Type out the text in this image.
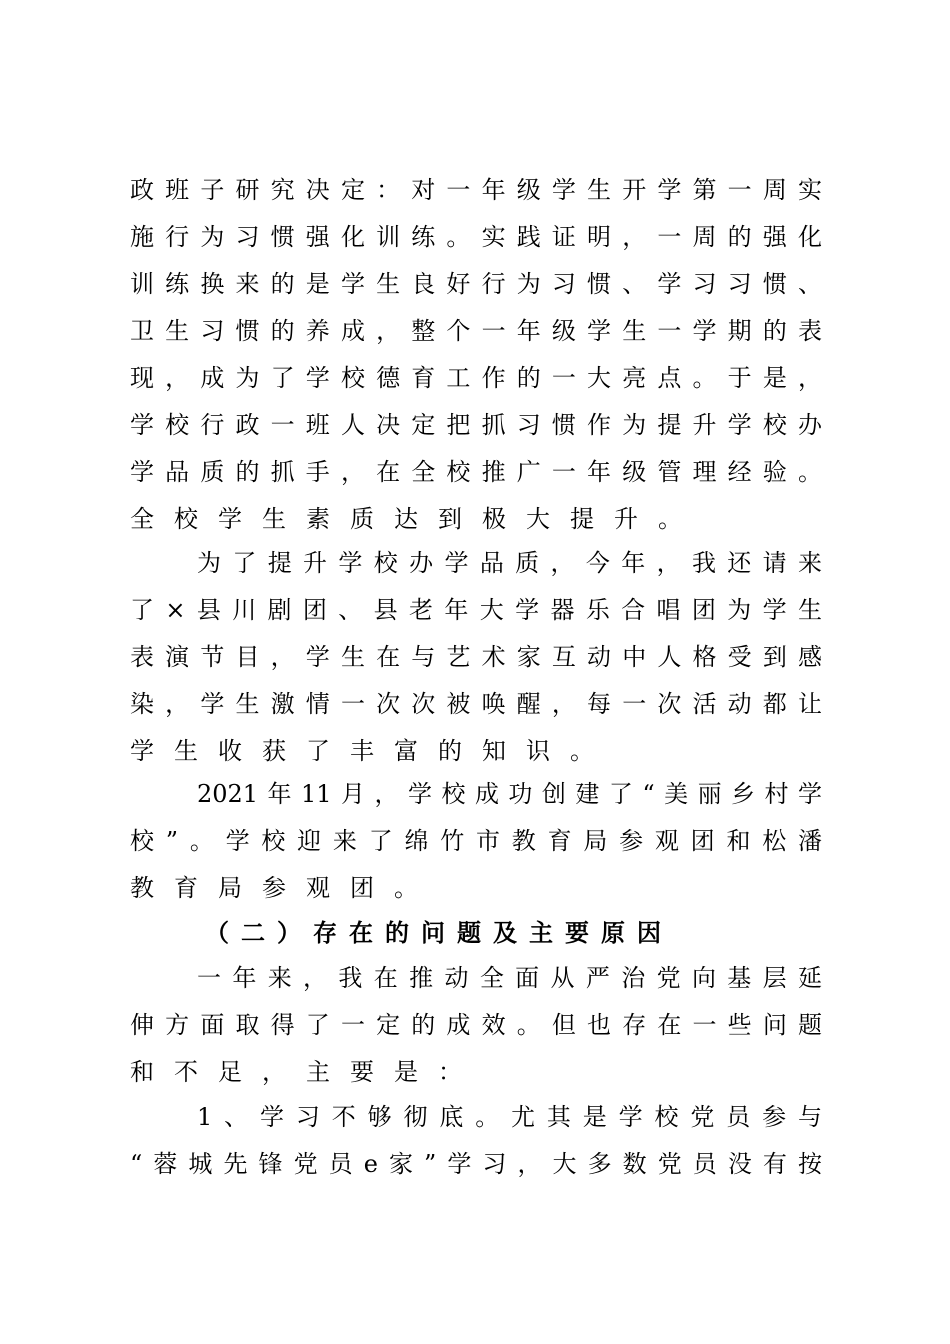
政班子研究决定：对一年级学生开学第一周实
施行为习惯强化训练。实践证明，一周的强化
训练换来的是学生良好行为习惯、学习习惯、
卫生习惯的养成，整个一年级学生一学期的表
现，成为了学校德育工作的一大亮点。于是，
学校行政一班人决定把抓习惯作为提升学校办
学品质的抓手，在全校推广一年级管理经验。
全校学生素质达到极大提升。
为了提升学校办学品质，今年，我还请来
了×县川剧团、县老年大学器乐合唱团为学生
表演节目，学生在与艺术家互动中人格受到感
染，学生激情一次次被唤醒，每一次活动都让
学生收获了丰富的知识。
2021年11月，学校成功创建了“美丽乡村学
校”。学校迎来了绵竹市教育局参观团和松潘
教育局参观团。
（二）存在的问题及主要原因
一年来，我在推动全面从严治党向基层延
伸方面取得了一定的成效。但也存在一些问题
和不足，主要是：
1、学习不够彻底。尤其是学校党员参与
“蓉城先锋党员e家”学习，大多数党员没有按
